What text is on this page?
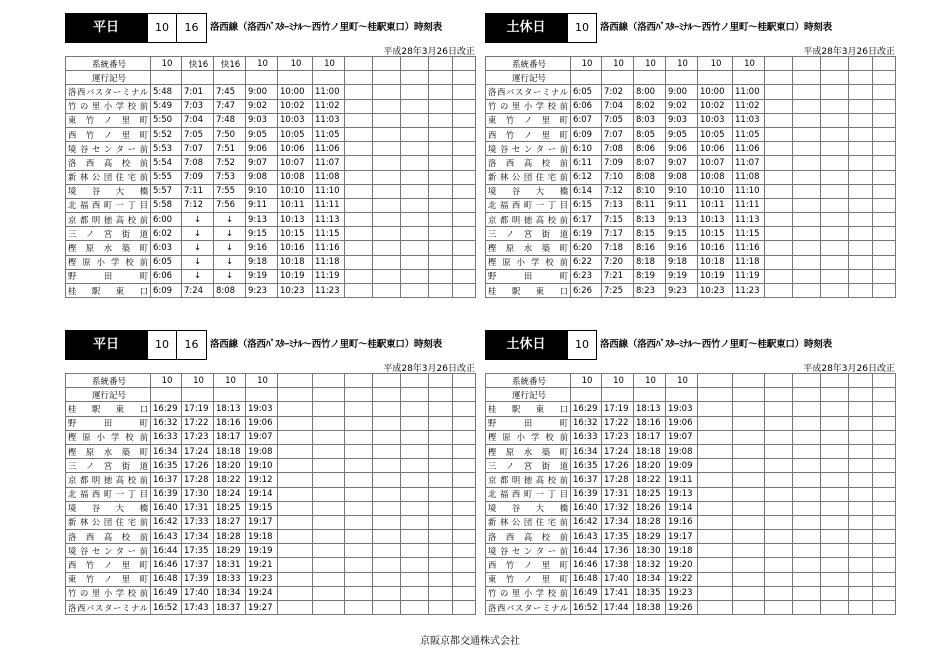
平日	10	16	洛西線（洛西ﾊﾞｽﾀｰﾐﾅﾙ～西竹ノ里町～桂駅東口）時刻表
平成28年3月26日改正
系統番号	10	快16	快16	10	10	10					
運行記号											
洛西バスターミナル	5:48	7:01	7:45	9:00	10:00	11:00					
竹の里小学校前	5:49	7:03	7:47	9:02	10:02	11:02					
東竹ノ里町	5:50	7:04	7:48	9:03	10:03	11:03					
西竹ノ里町	5:52	7:05	7:50	9:05	10:05	11:05					
境谷センター前	5:53	7:07	7:51	9:06	10:06	11:06					
洛西高校前	5:54	7:08	7:52	9:07	10:07	11:07					
新林公団住宅前	5:55	7:09	7:53	9:08	10:08	11:08					
境谷大橋	5:57	7:11	7:55	9:10	10:10	11:10					
北福西町一丁目	5:58	7:12	7:56	9:11	10:11	11:11					
京都明徳高校前	6:00	↓	↓	9:13	10:13	11:13					
三ノ宮街道	6:02	↓	↓	9:15	10:15	11:15					
樫原水築町	6:03	↓	↓	9:16	10:16	11:16					
樫原小学校前	6:05	↓	↓	9:18	10:18	11:18					
野田町	6:06	↓	↓	9:19	10:19	11:19					
桂駅東口	6:09	7:24	8:08	9:23	10:23	11:23					
土休日	10	洛西線（洛西ﾊﾞｽﾀｰﾐﾅﾙ～西竹ノ里町～桂駅東口）時刻表
平成28年3月26日改正
系統番号	10	10	10	10	10	10					
運行記号											
洛西バスターミナル	6:05	7:02	8:00	9:00	10:00	11:00					
竹の里小学校前	6:06	7:04	8:02	9:02	10:02	11:02					
東竹ノ里町	6:07	7:05	8:03	9:03	10:03	11:03					
西竹ノ里町	6:09	7:07	8:05	9:05	10:05	11:05					
境谷センター前	6:10	7:08	8:06	9:06	10:06	11:06					
洛西高校前	6:11	7:09	8:07	9:07	10:07	11:07					
新林公団住宅前	6:12	7:10	8:08	9:08	10:08	11:08					
境谷大橋	6:14	7:12	8:10	9:10	10:10	11:10					
北福西町一丁目	6:15	7:13	8:11	9:11	10:11	11:11					
京都明徳高校前	6:17	7:15	8:13	9:13	10:13	11:13					
三ノ宮街道	6:19	7:17	8:15	9:15	10:15	11:15					
樫原水築町	6:20	7:18	8:16	9:16	10:16	11:16					
樫原小学校前	6:22	7:20	8:18	9:18	10:18	11:18					
野田町	6:23	7:21	8:19	9:19	10:19	11:19					
桂駅東口	6:26	7:25	8:23	9:23	10:23	11:23					
平日	10	16	洛西線（洛西ﾊﾞｽﾀｰﾐﾅﾙ～西竹ノ里町～桂駅東口）時刻表
平成28年3月26日改正
系統番号	10	10	10	10							
運行記号											
桂駅東口	16:29	17:19	18:13	19:03							
野田町	16:32	17:22	18:16	19:06							
樫原小学校前	16:33	17:23	18:17	19:07							
樫原水築町	16:34	17:24	18:18	19:08							
三ノ宮街道	16:35	17:26	18:20	19:10							
京都明徳高校前	16:37	17:28	18:22	19:12							
北福西町一丁目	16:39	17:30	18:24	19:14							
境谷大橋	16:40	17:31	18:25	19:15							
新林公団住宅前	16:42	17:33	18:27	19:17							
洛西高校前	16:43	17:34	18:28	19:18							
境谷センター前	16:44	17:35	18:29	19:19							
西竹ノ里町	16:46	17:37	18:31	19:21							
東竹ノ里町	16:48	17:39	18:33	19:23							
竹の里小学校前	16:49	17:40	18:34	19:24							
洛西バスターミナル	16:52	17:43	18:37	19:27							
土休日	10	洛西線（洛西ﾊﾞｽﾀｰﾐﾅﾙ～西竹ノ里町～桂駅東口）時刻表
平成28年3月26日改正
系統番号	10	10	10	10							
運行記号											
桂駅東口	16:29	17:19	18:13	19:03							
野田町	16:32	17:22	18:16	19:06							
樫原小学校前	16:33	17:23	18:17	19:07							
樫原水築町	16:34	17:24	18:18	19:08							
三ノ宮街道	16:35	17:26	18:20	19:09							
京都明徳高校前	16:37	17:28	18:22	19:11							
北福西町一丁目	16:39	17:31	18:25	19:13							
境谷大橋	16:40	17:32	18:26	19:14							
新林公団住宅前	16:42	17:34	18:28	19:16							
洛西高校前	16:43	17:35	18:29	19:17							
境谷センター前	16:44	17:36	18:30	19:18							
西竹ノ里町	16:46	17:38	18:32	19:20							
東竹ノ里町	16:48	17:40	18:34	19:22							
竹の里小学校前	16:49	17:41	18:35	19:23							
洛西バスターミナル	16:52	17:44	18:38	19:26							
京阪京都交通株式会社
